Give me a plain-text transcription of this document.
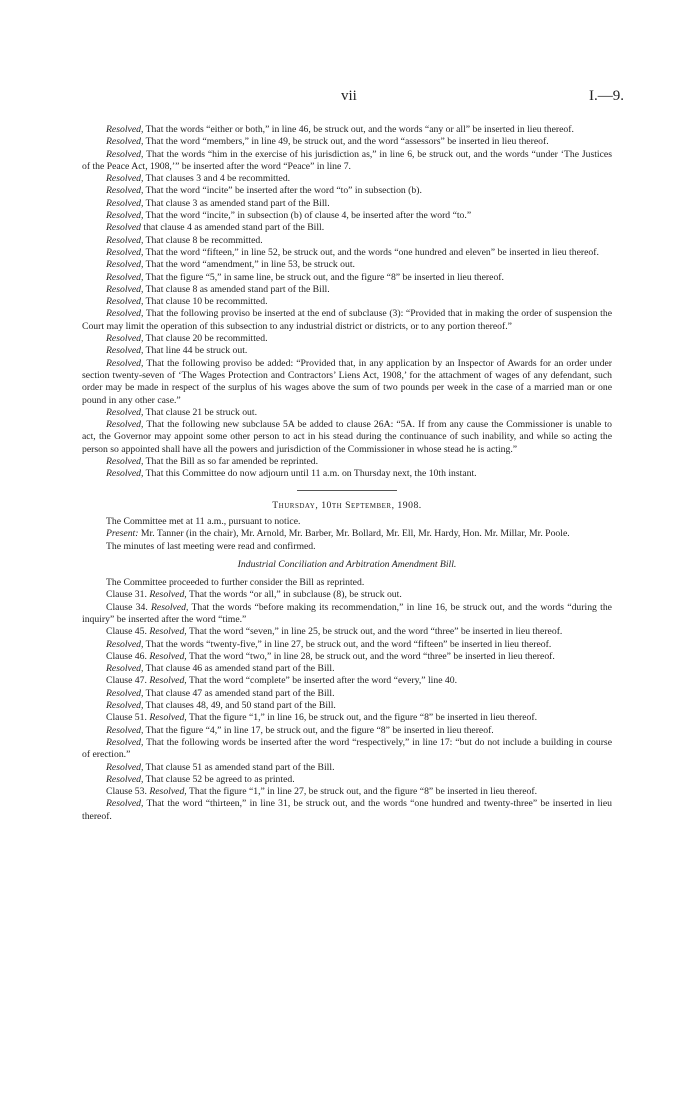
vii	I.—9.

Resolved, That the words “either or both,” in line 46, be struck out, and the words “any or all” be inserted in lieu thereof.

Resolved, That the word “members,” in line 49, be struck out, and the word “assessors” be inserted in lieu thereof.

Resolved, That the words “him in the exercise of his jurisdiction as,” in line 6, be struck out, and the words “under ‘The Justices of the Peace Act, 1908,’” be inserted after the word “Peace” in line 7.

Resolved, That clauses 3 and 4 be recommitted.

Resolved, That the word “incite” be inserted after the word “to” in subsection (b).

Resolved, That clause 3 as amended stand part of the Bill.

Resolved, That the word “incite,” in subsection (b) of clause 4, be inserted after the word “to.”

Resolved that clause 4 as amended stand part of the Bill.

Resolved, That clause 8 be recommitted.

Resolved, That the word “fifteen,” in line 52, be struck out, and the words “one hundred and eleven” be inserted in lieu thereof.

Resolved, That the word “amendment,” in line 53, be struck out.

Resolved, That the figure “5,” in same line, be struck out, and the figure “8” be inserted in lieu thereof.

Resolved, That clause 8 as amended stand part of the Bill.

Resolved, That clause 10 be recommitted.

Resolved, That the following proviso be inserted at the end of subclause (3): “Provided that in making the order of suspension the Court may limit the operation of this subsection to any industrial district or districts, or to any portion thereof.”

Resolved, That clause 20 be recommitted.

Resolved, That line 44 be struck out.

Resolved, That the following proviso be added: “Provided that, in any application by an Inspector of Awards for an order under section twenty-seven of ‘The Wages Protection and Contractors’ Liens Act, 1908,’ for the attachment of wages of any defendant, such order may be made in respect of the surplus of his wages above the sum of two pounds per week in the case of a married man or one pound in any other case.”

Resolved, That clause 21 be struck out.

Resolved, That the following new subclause 5A be added to clause 26A: “5A. If from any cause the Commissioner is unable to act, the Governor may appoint some other person to act in his stead during the continuance of such inability, and while so acting the person so appointed shall have all the powers and jurisdiction of the Commissioner in whose stead he is acting.”

Resolved, That the Bill as so far amended be reprinted.

Resolved, That this Committee do now adjourn until 11 a.m. on Thursday next, the 10th instant.

Thursday, 10th September, 1908.

The Committee met at 11 a.m., pursuant to notice.

Present: Mr. Tanner (in the chair), Mr. Arnold, Mr. Barber, Mr. Bollard, Mr. Ell, Mr. Hardy, Hon. Mr. Millar, Mr. Poole.

The minutes of last meeting were read and confirmed.

Industrial Conciliation and Arbitration Amendment Bill.

The Committee proceeded to further consider the Bill as reprinted.

Clause 31. Resolved, That the words “or all,” in subclause (8), be struck out.

Clause 34. Resolved, That the words “before making its recommendation,” in line 16, be struck out, and the words “during the inquiry” be inserted after the word “time.”

Clause 45. Resolved, That the word “seven,” in line 25, be struck out, and the word “three” be inserted in lieu thereof.

Resolved, That the words “twenty-five,” in line 27, be struck out, and the word “fifteen” be inserted in lieu thereof.

Clause 46. Resolved, That the word “two,” in line 28, be struck out, and the word “three” be inserted in lieu thereof.

Resolved, That clause 46 as amended stand part of the Bill.

Clause 47. Resolved, That the word “complete” be inserted after the word “every,” line 40.

Resolved, That clause 47 as amended stand part of the Bill.

Resolved, That clauses 48, 49, and 50 stand part of the Bill.

Clause 51. Resolved, That the figure “1,” in line 16, be struck out, and the figure “8” be inserted in lieu thereof.

Resolved, That the figure “4,” in line 17, be struck out, and the figure “8” be inserted in lieu thereof.

Resolved, That the following words be inserted after the word “respectively,” in line 17: “but do not include a building in course of erection.”

Resolved, That clause 51 as amended stand part of the Bill.

Resolved, That clause 52 be agreed to as printed.

Clause 53. Resolved, That the figure “1,” in line 27, be struck out, and the figure “8” be inserted in lieu thereof.

Resolved, That the word “thirteen,” in line 31, be struck out, and the words “one hundred and twenty-three” be inserted in lieu thereof.
